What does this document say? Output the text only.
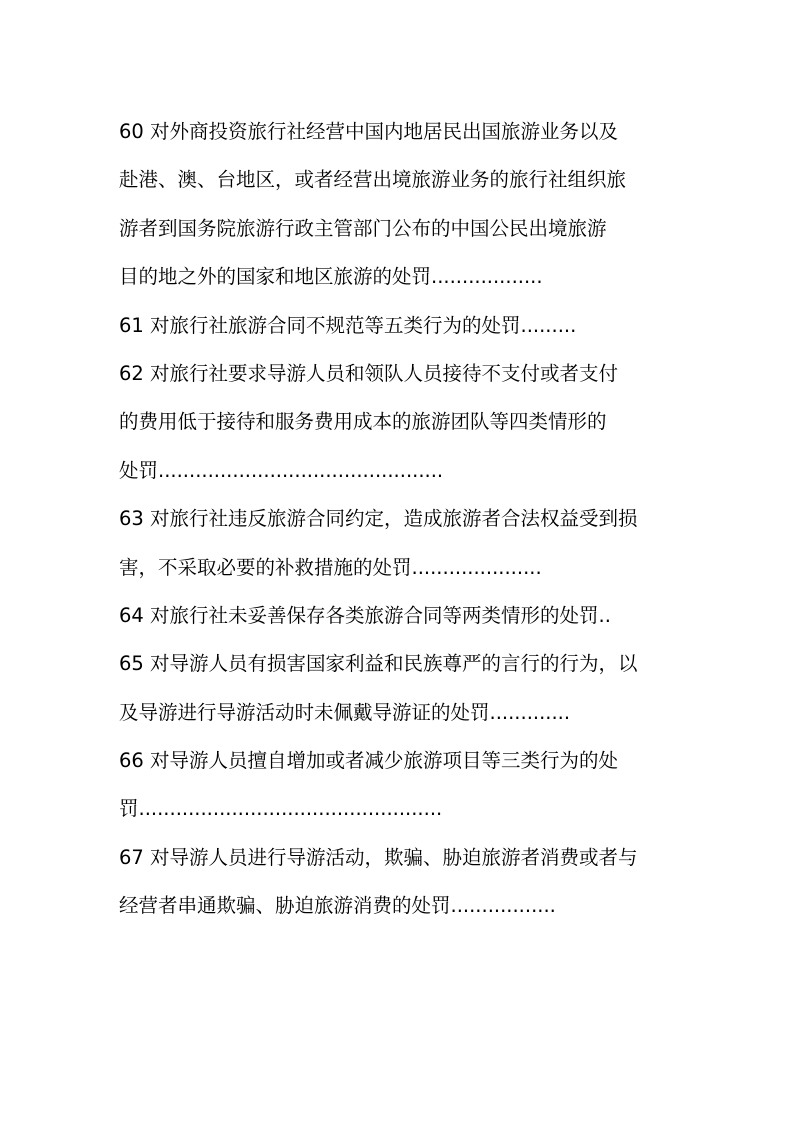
60 对外商投资旅行社经营中国内地居民出国旅游业务以及
赴港、澳、台地区，或者经营出境旅游业务的旅行社组织旅
游者到国务院旅游行政主管部门公布的中国公民出境旅游
目的地之外的国家和地区旅游的处罚..................
61 对旅行社旅游合同不规范等五类行为的处罚.........
62 对旅行社要求导游人员和领队人员接待不支付或者支付
的费用低于接待和服务费用成本的旅游团队等四类情形的
处罚..............................................
63 对旅行社违反旅游合同约定，造成旅游者合法权益受到损
害，不采取必要的补救措施的处罚.....................
64 对旅行社未妥善保存各类旅游合同等两类情形的处罚..
65 对导游人员有损害国家利益和民族尊严的言行的行为，以
及导游进行导游活动时未佩戴导游证的处罚.............
66 对导游人员擅自增加或者减少旅游项目等三类行为的处
罚.................................................
67 对导游人员进行导游活动，欺骗、胁迫旅游者消费或者与
经营者串通欺骗、胁迫旅游消费的处罚.................
